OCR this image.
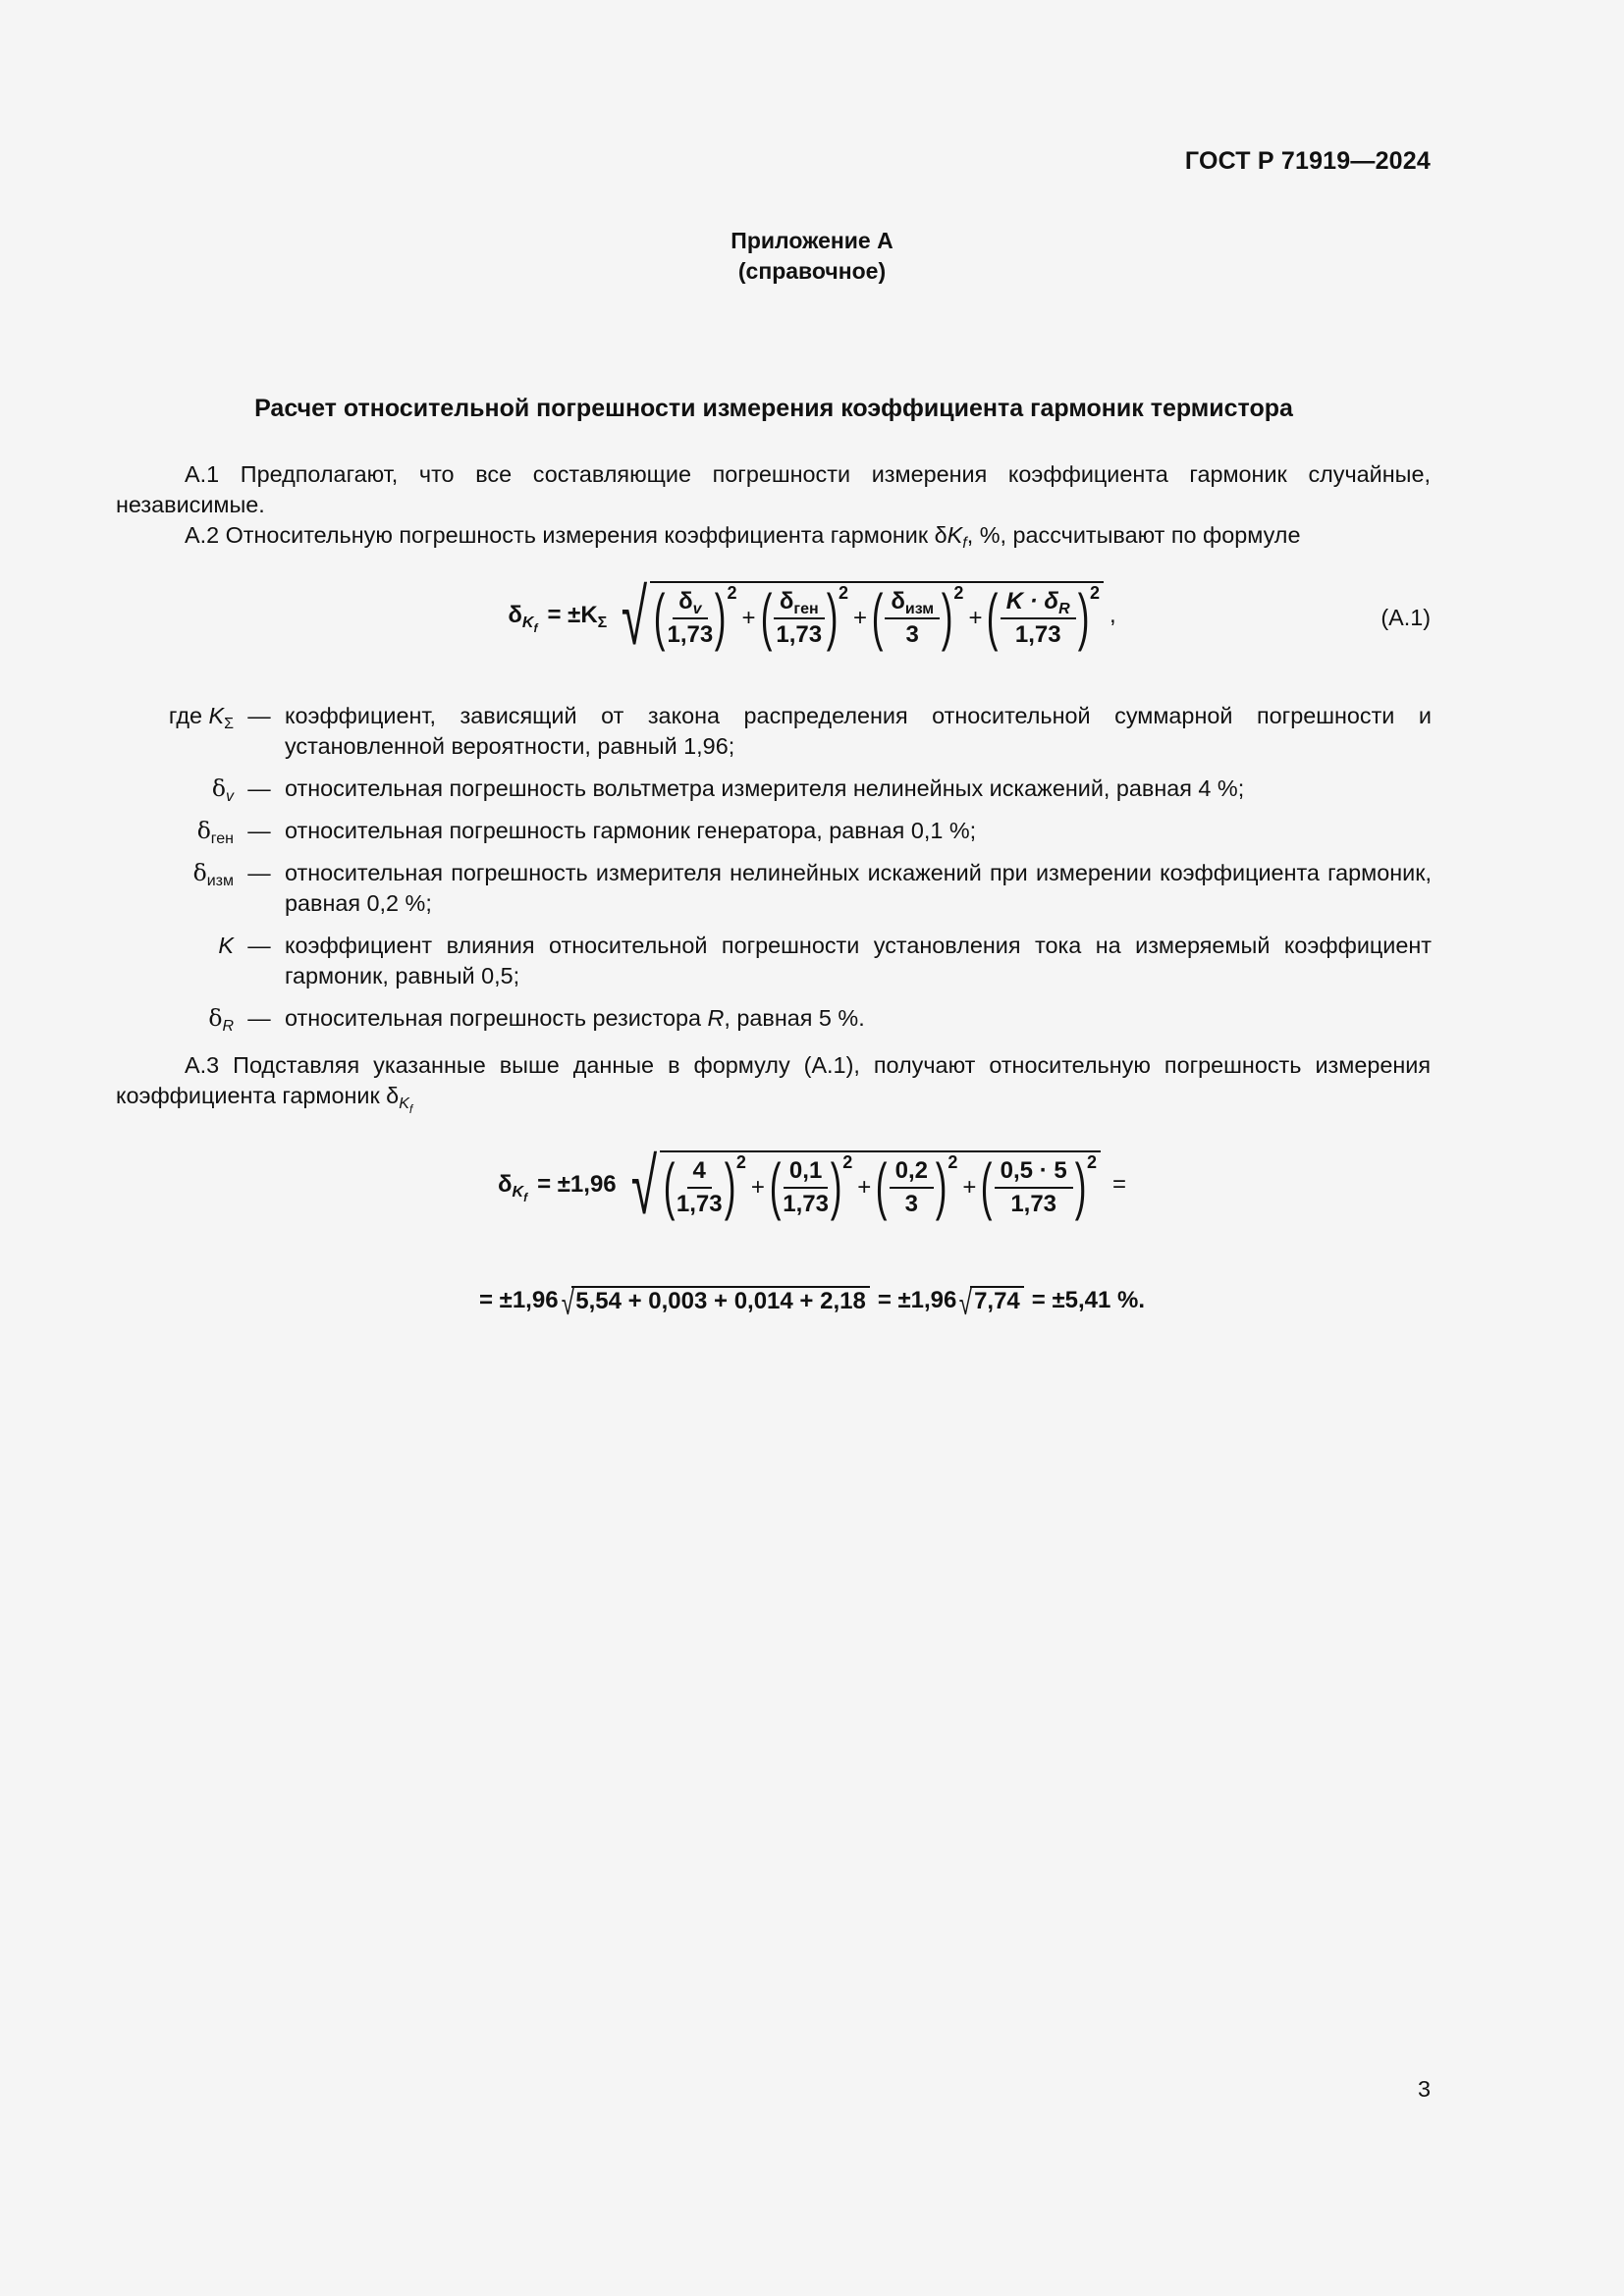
ГОСТ Р 71919—2024
Приложение А
(справочное)
Расчет относительной погрешности измерения коэффициента гармоник термистора
А.1 Предполагают, что все составляющие погрешности измерения коэффициента гармоник случайные, независимые.
А.2 Относительную погрешность измерения коэффициента гармоник $\delta K_f$, %, рассчитывают по формуле
$\delta_{K_f} = \pm K_\Sigma$ √ ( $\frac{\delta_v}{1,73}$ ) 2
+ ( $\frac{\delta_{ген}}{1,73}$ ) 2
+ ( $\frac{\delta_{изм}}{3}$ ) 2
+ ( $\frac{K \cdot \delta_R}{1,73}$ ) 2
,	(А.1)
где $K_\Sigma$ — коэффициент, зависящий от закона распределения относительной суммарной погрешности и установленной вероятности, равный 1,96;
$\delta_v$ — относительная погрешность вольтметра измерителя нелинейных искажений, равная 4 %;
$\delta_{ген}$ — относительная погрешность гармоник генератора, равная 0,1 %;
$\delta_{изм}$ — относительная погрешность измерителя нелинейных искажений при измерении коэффициента гармоник, равная 0,2 %;
K — коэффициент влияния относительной погрешности установления тока на измеряемый коэффициент гармоник, равный 0,5;
$\delta_R$ — относительная погрешность резистора R, равная 5 %.
А.3 Подставляя указанные выше данные в формулу (А.1), получают относительную погрешность измерения коэффициента гармоник $\delta_{K_f}$
$\delta_{K_f} = \pm 1,96$ √ ( $\frac{4}{1,73}$ ) 2
+ ( $\frac{0,1}{1,73}$ ) 2
+ ( $\frac{0,2}{3}$ ) 2
+ ( $\frac{0,5 \cdot 5}{1,73}$ ) 2
=
= ±1,96 √ 5,54 + 0,003 + 0,014 + 2,18 = ±1,96 √ 7,74 = ±5,41 %.
3
